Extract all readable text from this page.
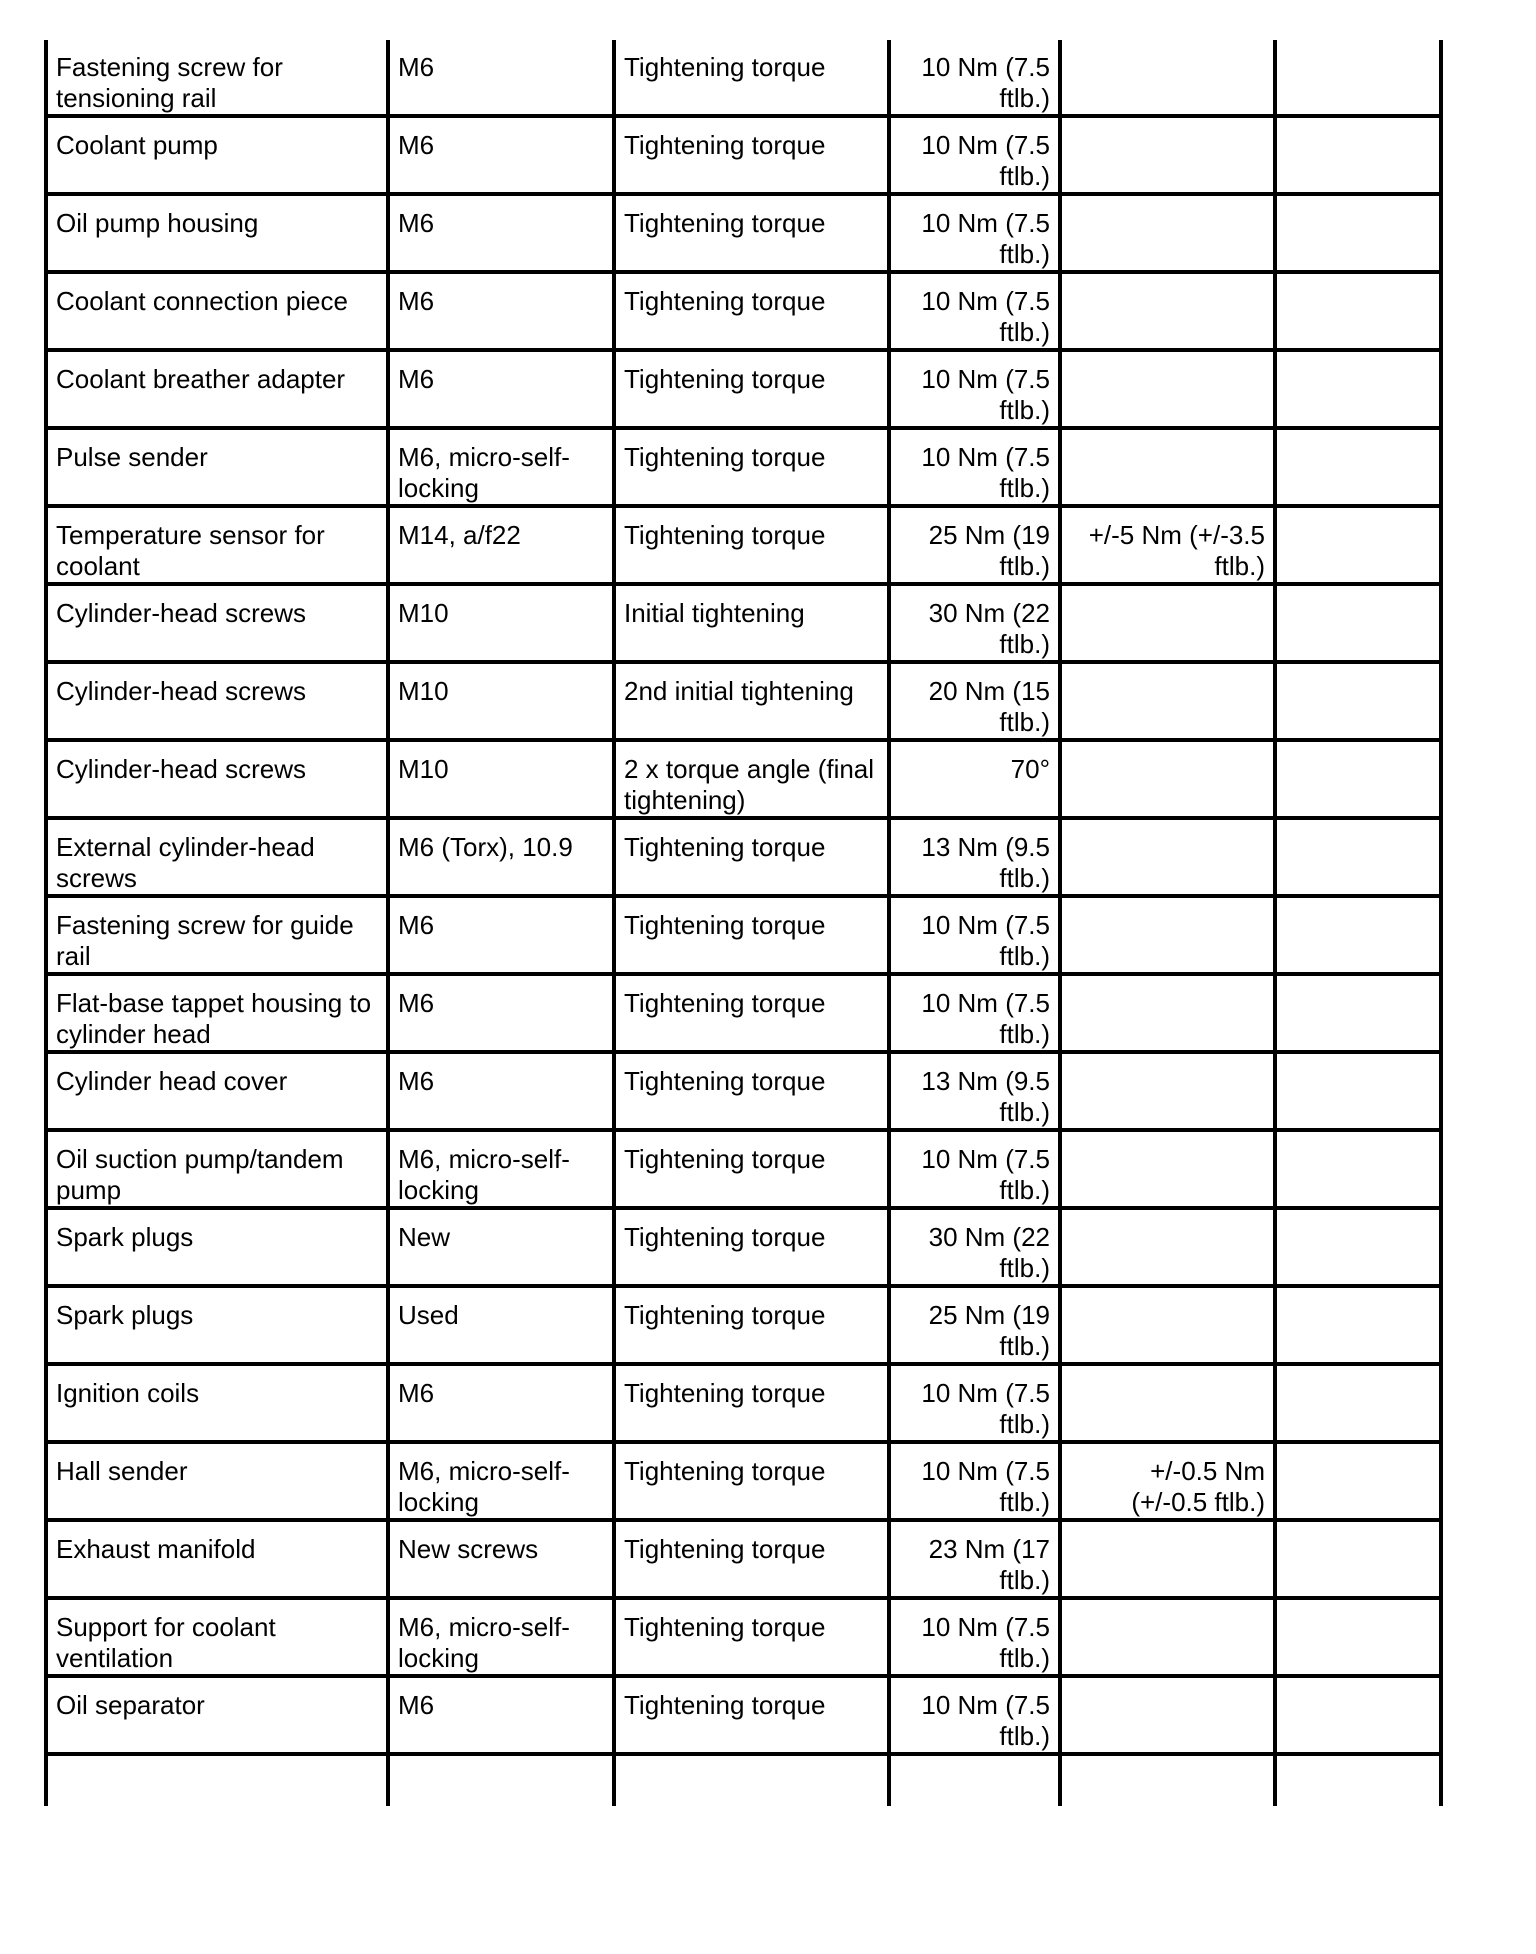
Fastening screw for tensioning rail	M6	Tightening torque	10 Nm (7.5 ftlb.)		
Coolant pump	M6	Tightening torque	10 Nm (7.5 ftlb.)		
Oil pump housing	M6	Tightening torque	10 Nm (7.5 ftlb.)		
Coolant connection piece	M6	Tightening torque	10 Nm (7.5 ftlb.)		
Coolant breather adapter	M6	Tightening torque	10 Nm (7.5 ftlb.)		
Pulse sender	M6, micro-self-locking	Tightening torque	10 Nm (7.5 ftlb.)		
Temperature sensor for coolant	M14, a/f22	Tightening torque	25 Nm (19 ftlb.)	+/-5 Nm (+/-3.5 ftlb.)	
Cylinder-head screws	M10	Initial tightening	30 Nm (22 ftlb.)		
Cylinder-head screws	M10	2nd initial tightening	20 Nm (15 ftlb.)		
Cylinder-head screws	M10	2 x torque angle (final tightening)	70°		
External cylinder-head screws	M6 (Torx), 10.9	Tightening torque	13 Nm (9.5 ftlb.)		
Fastening screw for guide rail	M6	Tightening torque	10 Nm (7.5 ftlb.)		
Flat-base tappet housing to cylinder head	M6	Tightening torque	10 Nm (7.5 ftlb.)		
Cylinder head cover	M6	Tightening torque	13 Nm (9.5 ftlb.)		
Oil suction pump/tandem pump	M6, micro-self-locking	Tightening torque	10 Nm (7.5 ftlb.)		
Spark plugs	New	Tightening torque	30 Nm (22 ftlb.)		
Spark plugs	Used	Tightening torque	25 Nm (19 ftlb.)		
Ignition coils	M6	Tightening torque	10 Nm (7.5 ftlb.)		
Hall sender	M6, micro-self-locking	Tightening torque	10 Nm (7.5 ftlb.)	+/-0.5 Nm (+/-0.5 ftlb.)	
Exhaust manifold	New screws	Tightening torque	23 Nm (17 ftlb.)		
Support for coolant ventilation	M6, micro-self-locking	Tightening torque	10 Nm (7.5 ftlb.)		
Oil separator	M6	Tightening torque	10 Nm (7.5 ftlb.)		
